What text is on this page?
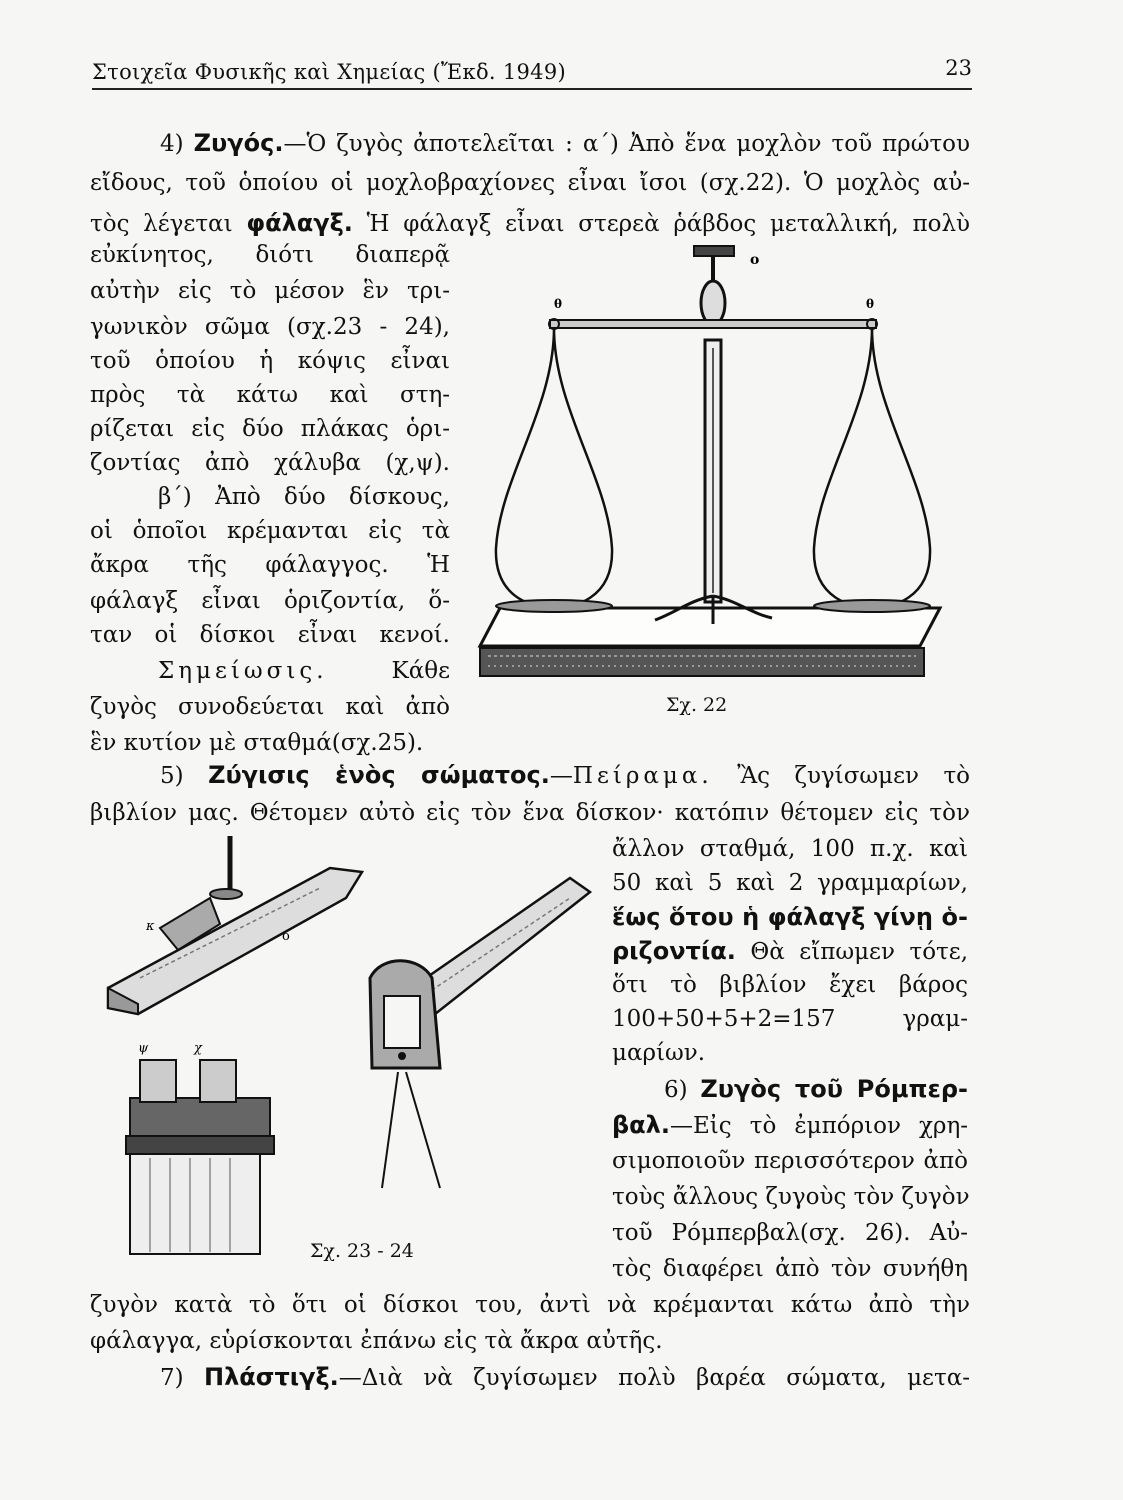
Στοιχεῖα Φυσικῆς καὶ Χημείας (Ἔκδ. 1949)	23
4) Ζυγός.—Ὁ ζυγὸς ἀποτελεῖται : α΄) Ἀπὸ ἕνα μοχλὸν τοῦ πρώτου
εἴδους, τοῦ ὁποίου οἱ μοχλοβραχίονες εἶναι ἴσοι (σχ.22). Ὁ μοχλὸς αὐ-
τὸς λέγεται φάλαγξ. Ἡ φάλαγξ εἶναι στερεὰ ῥάβδος μεταλλική, πολὺ
εὐκίνητος, διότι διαπερᾷ
αὐτὴν εἰς τὸ μέσον ἓν τρι-
γωνικὸν σῶμα (σχ.23 - 24),
τοῦ ὁποίου ἡ κόψις εἶναι
πρὸς τὰ κάτω καὶ στη-
ρίζεται εἰς δύο πλάκας ὁρι-
ζοντίας ἀπὸ χάλυβα (χ,ψ).
β΄) Ἀπὸ δύο δίσκους,
οἱ ὁποῖοι κρέμανται εἰς τὰ
ἄκρα τῆς φάλαγγος. Ἡ
φάλαγξ εἶναι ὁριζοντία, ὅ-
ταν οἱ δίσκοι εἶναι κενοί.
Σημείωσις.	Κάθε
ζυγὸς συνοδεύεται καὶ ἀπὸ
ἓν κυτίον μὲ σταθμά(σχ.25).
ο
θ	θ
Σχ. 22
5) Ζύγισις ἑνὸς σώματος.—Πείραμα. Ἂς ζυγίσωμεν τὸ
βιβλίον μας. Θέτομεν αὐτὸ εἰς τὸν ἕνα δίσκον· κατόπιν θέτομεν εἰς τὸν
ἄλλον σταθμά, 100 π.χ. καὶ
50 καὶ 5 καὶ 2 γραμμαρίων,
ἕως ὅτου ἡ φάλαγξ γίνῃ ὁ-
ριζοντία. Θὰ εἴπωμεν τότε,
ὅτι τὸ βιβλίον ἔχει βάρος
100+50+5+2=157 γραμ-
μαρίων.
κ
ο
ψ	χ
Σχ. 23 - 24
6) Ζυγὸς τοῦ Ρόμπερ-
βαλ.—Εἰς τὸ ἐμπόριον χρη-
σιμοποιοῦν περισσότερον ἀπὸ
τοὺς ἄλλους ζυγοὺς τὸν ζυγὸν
τοῦ Ρόμπερβαλ(σχ. 26). Αὐ-
τὸς διαφέρει ἀπὸ τὸν συνήθη
ζυγὸν κατὰ τὸ ὅτι οἱ δίσκοι του, ἀντὶ νὰ κρέμανται κάτω ἀπὸ τὴν
φάλαγγα, εὑρίσκονται ἐπάνω εἰς τὰ ἄκρα αὐτῆς.
7) Πλάστιγξ.—Διὰ νὰ ζυγίσωμεν πολὺ βαρέα σώματα, μετα-
